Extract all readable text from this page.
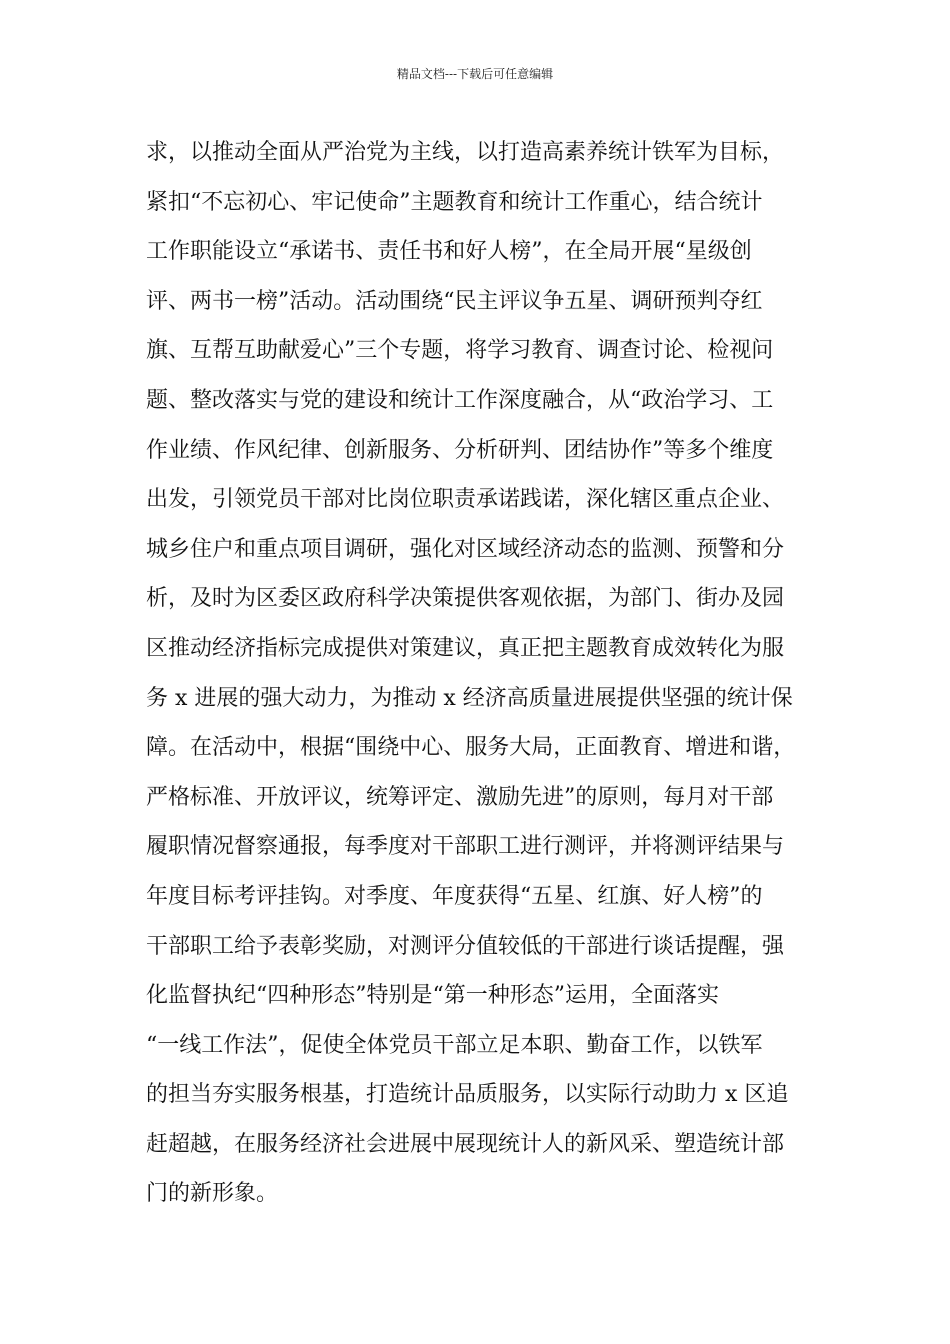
精品文档---下载后可任意编辑
求，以推动全面从严治党为主线，以打造高素养统计铁军为目标，
紧扣“不忘初心、牢记使命”主题教育和统计工作重心，结合统计
工作职能设立“承诺书、责任书和好人榜”，在全局开展“星级创
评、两书一榜”活动。活动围绕“民主评议争五星、调研预判夺红
旗、互帮互助献爱心”三个专题，将学习教育、调查讨论、检视问
题、整改落实与党的建设和统计工作深度融合，从“政治学习、工
作业绩、作风纪律、创新服务、分析研判、团结协作”等多个维度
出发，引领党员干部对比岗位职责承诺践诺，深化辖区重点企业、
城乡住户和重点项目调研，强化对区域经济动态的监测、预警和分
析，及时为区委区政府科学决策提供客观依据，为部门、街办及园
区推动经济指标完成提供对策建议，真正把主题教育成效转化为服
务 x 进展的强大动力，为推动 x 经济高质量进展提供坚强的统计保
障。在活动中，根据“围绕中心、服务大局，正面教育、增进和谐，
严格标准、开放评议，统筹评定、激励先进”的原则，每月对干部
履职情况督察通报，每季度对干部职工进行测评，并将测评结果与
年度目标考评挂钩。对季度、年度获得“五星、红旗、好人榜”的
干部职工给予表彰奖励，对测评分值较低的干部进行谈话提醒，强
化监督执纪“四种形态”特别是“第一种形态”运用，全面落实
“一线工作法”，促使全体党员干部立足本职、勤奋工作，以铁军
的担当夯实服务根基，打造统计品质服务，以实际行动助力 x 区追
赶超越，在服务经济社会进展中展现统计人的新风采、塑造统计部
门的新形象。
